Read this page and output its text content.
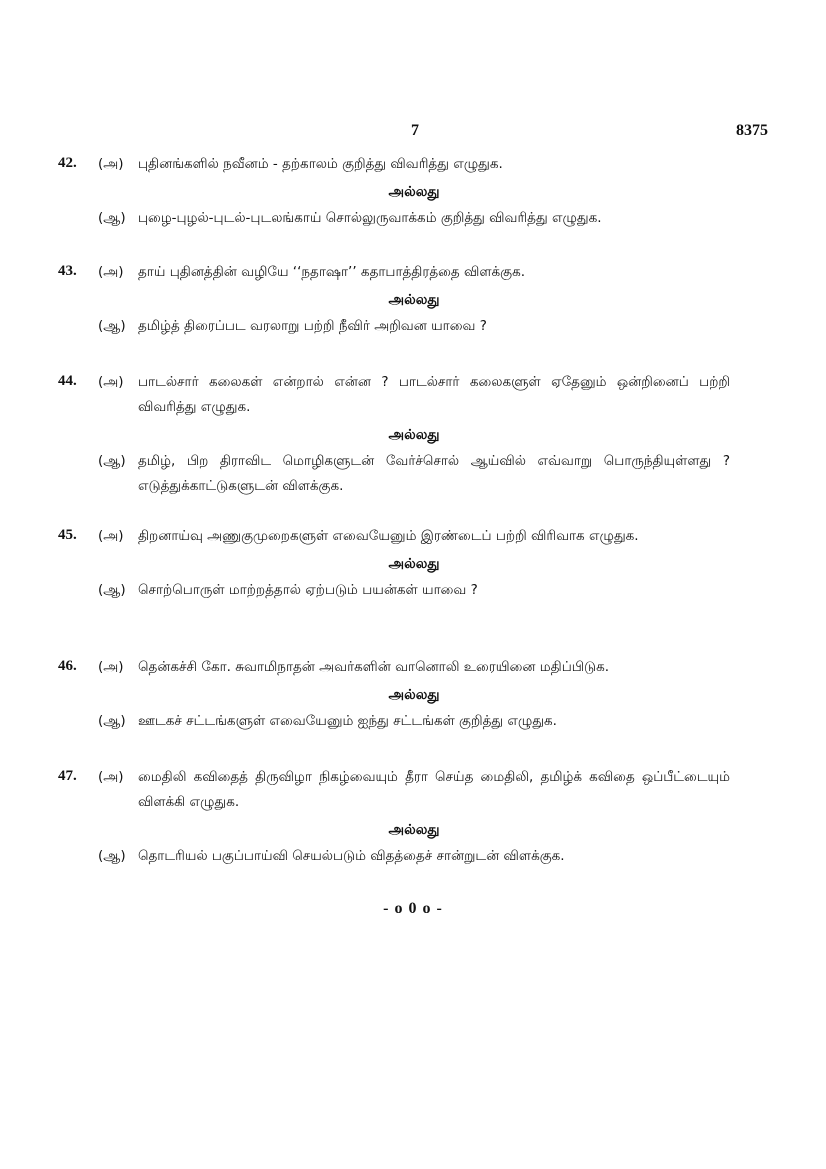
7	8375
42. (அ)	புதினங்களில் நவீனம் - தற்காலம் குறித்து விவரித்து எழுதுக.
அல்லது
(ஆ) புழை-புழல்-புடல்-புடலங்காய் சொல்லுருவாக்கம் குறித்து விவரித்து எழுதுக.
43. (அ)	தாய் புதினத்தின் வழியே ‘‘நதாஷா’’ கதாபாத்திரத்தை விளக்குக.
அல்லது
(ஆ) தமிழ்த் திரைப்பட வரலாறு பற்றி நீவிர் அறிவன யாவை ?
44. (அ)	பாடல்சார் கலைகள் என்றால் என்ன ? பாடல்சார் கலைகளுள் ஏதேனும் ஒன்றினைப் பற்றி விவரித்து எழுதுக.
அல்லது
(ஆ) தமிழ், பிற திராவிட மொழிகளுடன் வேர்ச்சொல் ஆய்வில் எவ்வாறு பொருந்தியுள்ளது ? எடுத்துக்காட்டுகளுடன் விளக்குக.
45. (அ)	திறனாய்வு அணுகுமுறைகளுள் எவையேனும் இரண்டைப் பற்றி விரிவாக எழுதுக.
அல்லது
(ஆ) சொற்பொருள் மாற்றத்தால் ஏற்படும் பயன்கள் யாவை ?
46. (அ)	தென்கச்சி கோ. சுவாமிநாதன் அவர்களின் வானொலி உரையினை மதிப்பிடுக.
அல்லது
(ஆ) ஊடகச் சட்டங்களுள் எவையேனும் ஐந்து சட்டங்கள் குறித்து எழுதுக.
47. (அ)	மைதிலி கவிதைத் திருவிழா நிகழ்வையும் தீரா செய்த மைதிலி, தமிழ்க் கவிதை ஒப்பீட்டையும் விளக்கி எழுதுக.
அல்லது
(ஆ) தொடரியல் பகுப்பாய்வி செயல்படும் விதத்தைச் சான்றுடன் விளக்குக.
- o 0 o -
